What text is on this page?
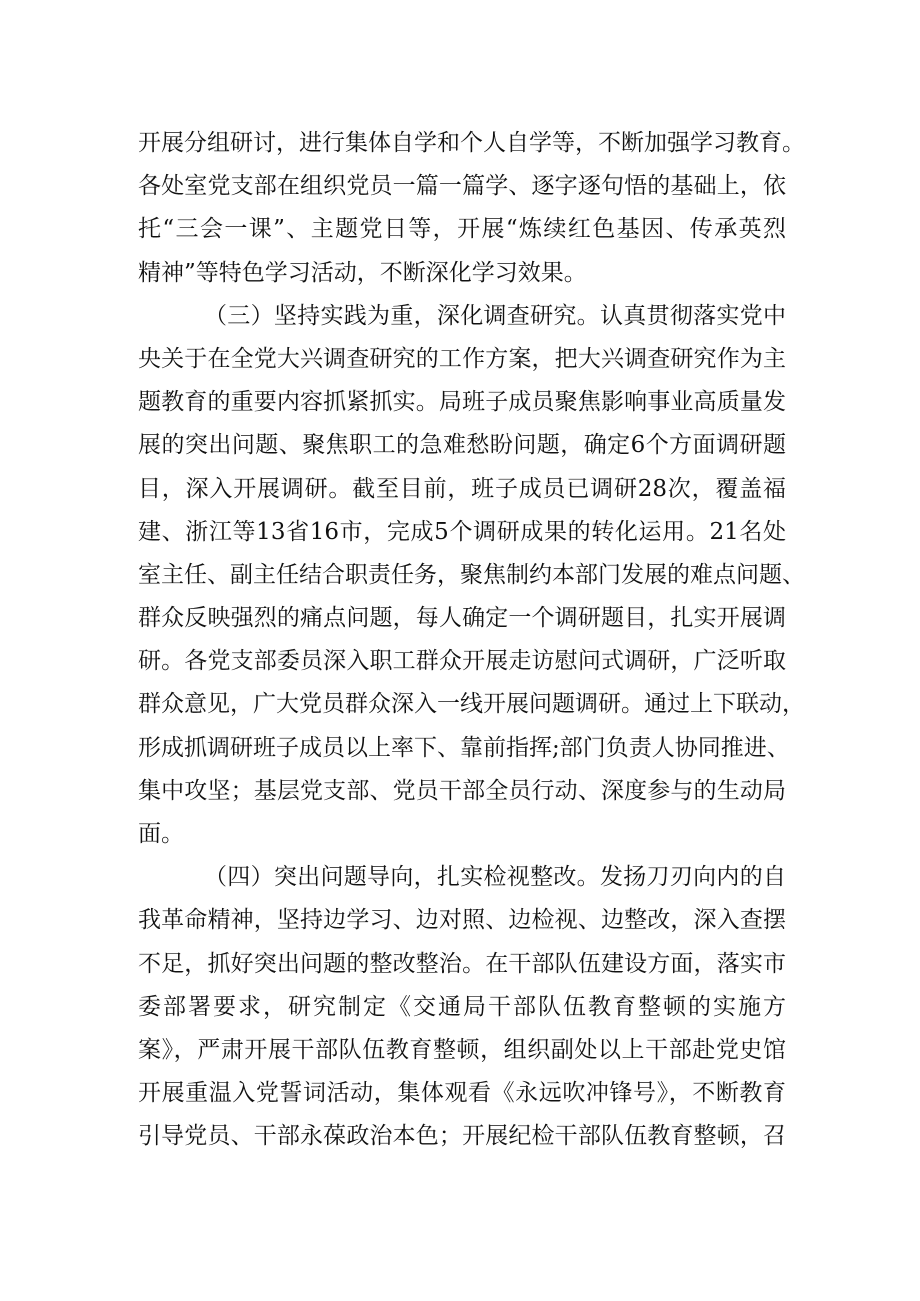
开展分组研讨，进行集体自学和个人自学等，不断加强学习教育。
各处室党支部在组织党员一篇一篇学、逐字逐句悟的基础上，依
托“三会一课”、主题党日等，开展“炼续红色基因、传承英烈
精神”等特色学习活动，不断深化学习效果。
（三）坚持实践为重，深化调查研究。认真贯彻落实党中
央关于在全党大兴调查研究的工作方案，把大兴调查研究作为主
题教育的重要内容抓紧抓实。局班子成员聚焦影响事业高质量发
展的突出问题、聚焦职工的急难愁盼问题，确定6个方面调研题
目，深入开展调研。截至目前，班子成员已调研28次，覆盖福
建、浙江等13省16市，完成5个调研成果的转化运用。21名处
室主任、副主任结合职责任务，聚焦制约本部门发展的难点问题、
群众反映强烈的痛点问题，每人确定一个调研题目，扎实开展调
研。各党支部委员深入职工群众开展走访慰问式调研，广泛听取
群众意见，广大党员群众深入一线开展问题调研。通过上下联动，
形成抓调研班子成员以上率下、靠前指挥;部门负责人协同推进、
集中攻坚；基层党支部、党员干部全员行动、深度参与的生动局
面。
（四）突出问题导向，扎实检视整改。发扬刀刃向内的自
我革命精神，坚持边学习、边对照、边检视、边整改，深入查摆
不足，抓好突出问题的整改整治。在干部队伍建设方面，落实市
委部署要求，研究制定《交通局干部队伍教育整顿的实施方
案》，严肃开展干部队伍教育整顿，组织副处以上干部赴党史馆
开展重温入党誓词活动，集体观看《永远吹冲锋号》，不断教育
引导党员、干部永葆政治本色；开展纪检干部队伍教育整顿，召
